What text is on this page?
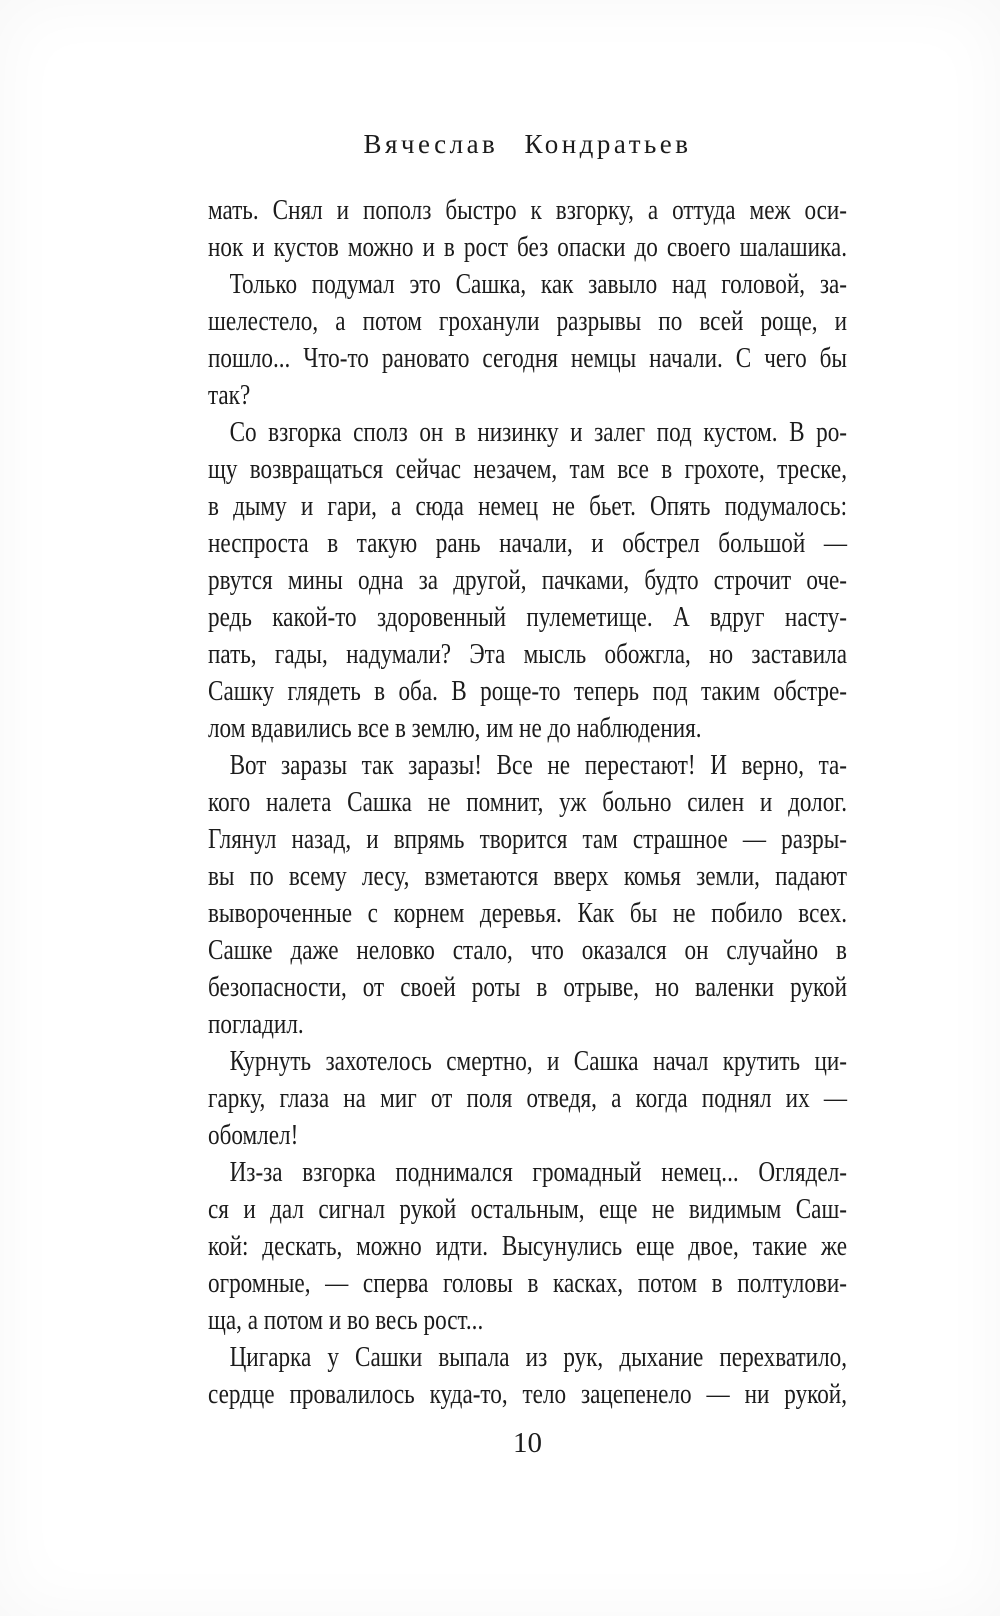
Вячеслав Кондратьев
мать. Снял и пополз быстро к взгорку, а оттуда меж оси-
нок и кустов можно и в рост без опаски до своего шалашика.
Только подумал это Сашка, как завыло над головой, за-
шелестело, а потом гроханули разрывы по всей роще, и
пошло... Что-то рановато сегодня немцы начали. С чего бы
так?
Со взгорка сполз он в низинку и залег под кустом. В ро-
щу возвращаться сейчас незачем, там все в грохоте, треске,
в дыму и гари, а сюда немец не бьет. Опять подумалось:
неспроста в такую рань начали, и обстрел большой —
рвутся мины одна за другой, пачками, будто строчит оче-
редь какой-то здоровенный пулеметище. А вдруг насту-
пать, гады, надумали? Эта мысль обожгла, но заставила
Сашку глядеть в оба. В роще-то теперь под таким обстре-
лом вдавились все в землю, им не до наблюдения.
Вот заразы так заразы! Все не перестают! И верно, та-
кого налета Сашка не помнит, уж больно силен и долог.
Глянул назад, и впрямь творится там страшное — разры-
вы по всему лесу, взметаются вверх комья земли, падают
вывороченные с корнем деревья. Как бы не побило всех.
Сашке даже неловко стало, что оказался он случайно в
безопасности, от своей роты в отрыве, но валенки рукой
погладил.
Курнуть захотелось смертно, и Сашка начал крутить ци-
гарку, глаза на миг от поля отведя, а когда поднял их —
обомлел!
Из-за взгорка поднимался громадный немец... Оглядел-
ся и дал сигнал рукой остальным, еще не видимым Саш-
кой: дескать, можно идти. Высунулись еще двое, такие же
огромные, — сперва головы в касках, потом в полтулови-
ща, а потом и во весь рост...
Цигарка у Сашки выпала из рук, дыхание перехватило,
сердце провалилось куда-то, тело зацепенело — ни рукой,
10
